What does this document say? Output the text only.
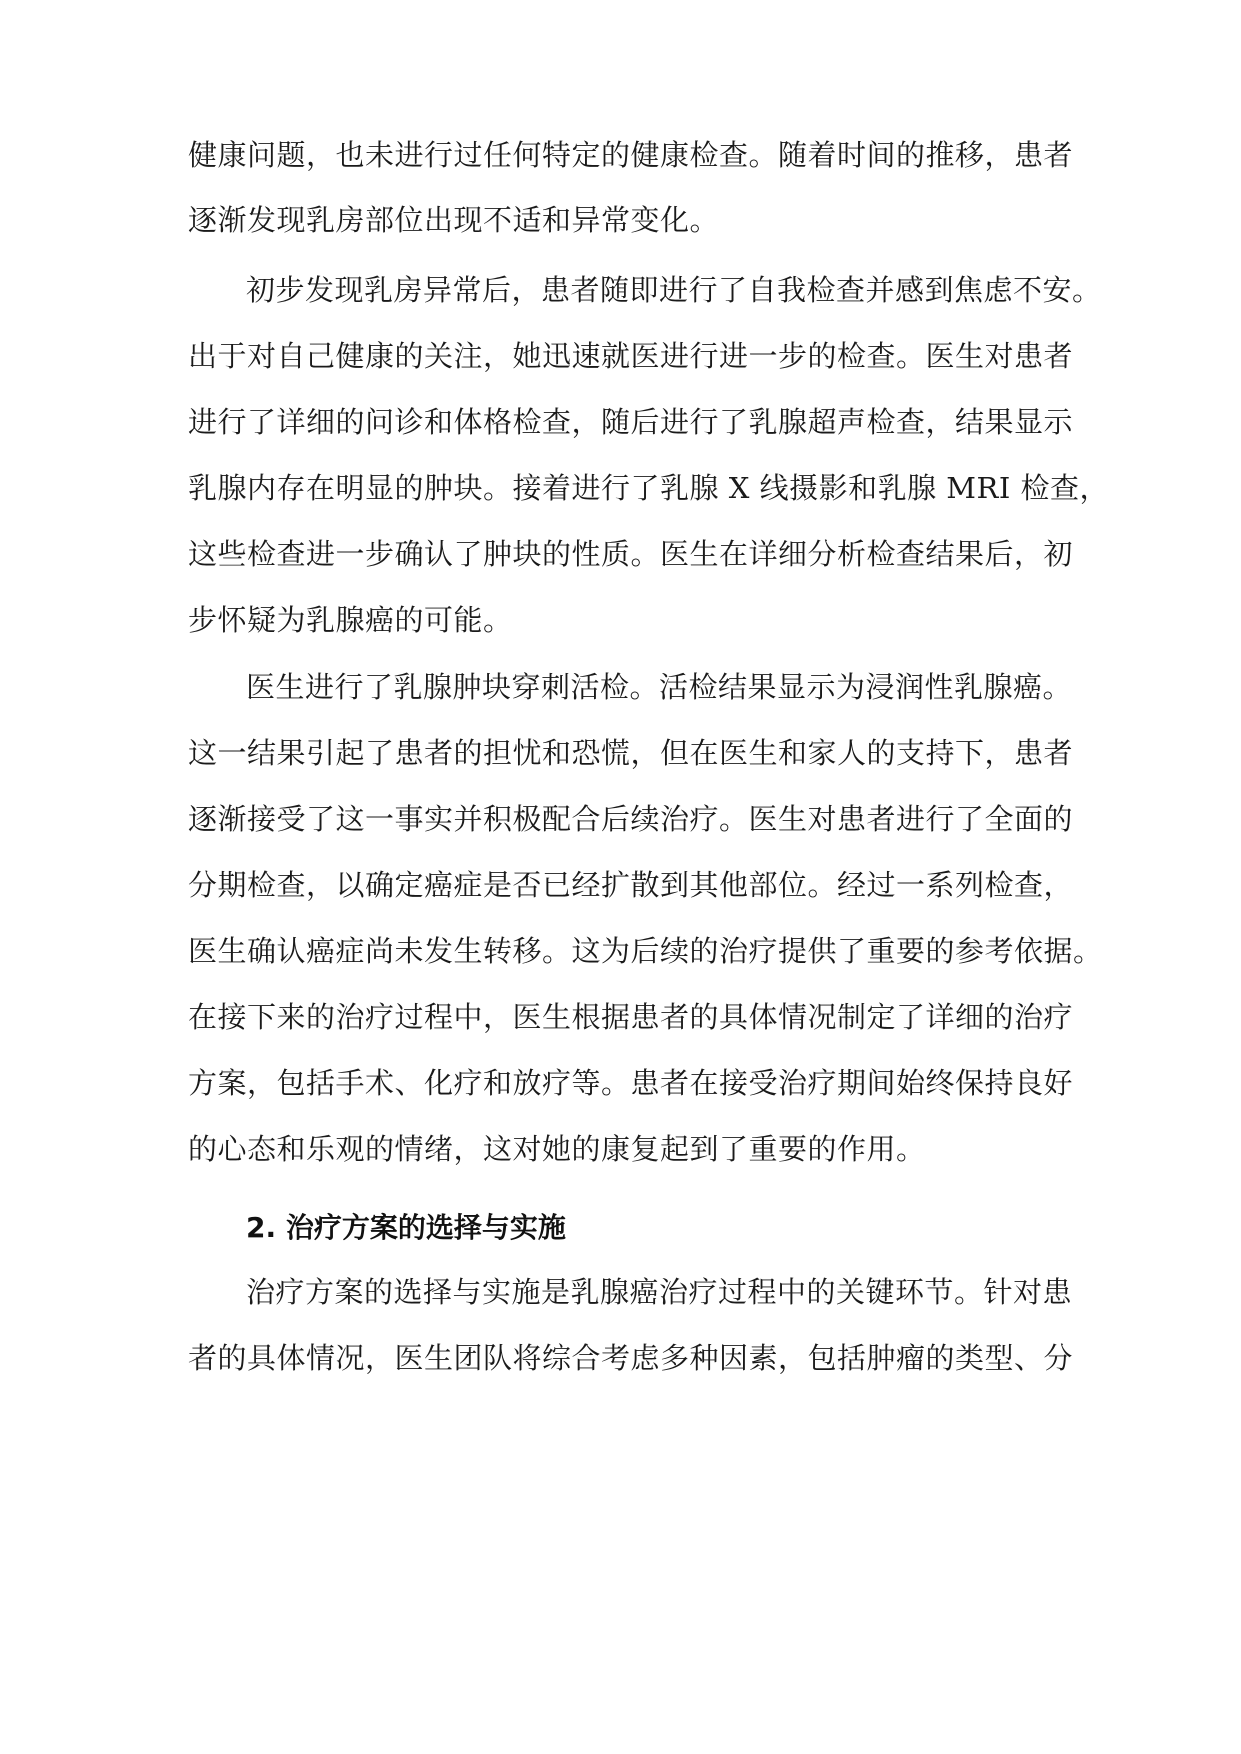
健康问题，也未进行过任何特定的健康检查。随着时间的推移，患者
逐渐发现乳房部位出现不适和异常变化。
初步发现乳房异常后，患者随即进行了自我检查并感到焦虑不安。
出于对自己健康的关注，她迅速就医进行进一步的检查。医生对患者
进行了详细的问诊和体格检查，随后进行了乳腺超声检查，结果显示
乳腺内存在明显的肿块。接着进行了乳腺 X 线摄影和乳腺 MRI 检查，
这些检查进一步确认了肿块的性质。医生在详细分析检查结果后，初
步怀疑为乳腺癌的可能。
医生进行了乳腺肿块穿刺活检。活检结果显示为浸润性乳腺癌。
这一结果引起了患者的担忧和恐慌，但在医生和家人的支持下，患者
逐渐接受了这一事实并积极配合后续治疗。医生对患者进行了全面的
分期检查，以确定癌症是否已经扩散到其他部位。经过一系列检查，
医生确认癌症尚未发生转移。这为后续的治疗提供了重要的参考依据。
在接下来的治疗过程中，医生根据患者的具体情况制定了详细的治疗
方案，包括手术、化疗和放疗等。患者在接受治疗期间始终保持良好
的心态和乐观的情绪，这对她的康复起到了重要的作用。
2. 治疗方案的选择与实施
治疗方案的选择与实施是乳腺癌治疗过程中的关键环节。针对患
者的具体情况，医生团队将综合考虑多种因素，包括肿瘤的类型、分
